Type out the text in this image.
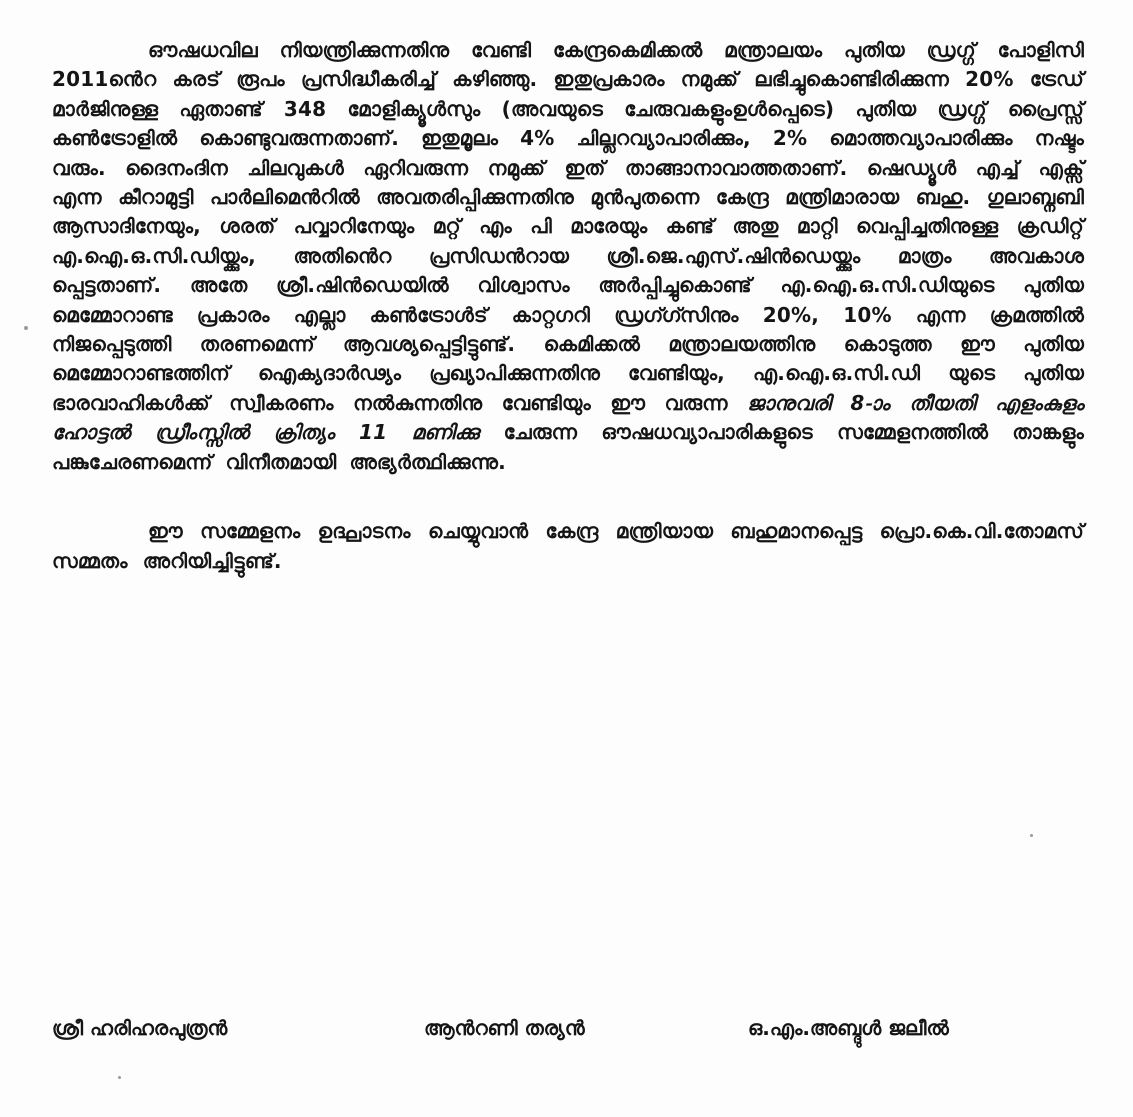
ഔഷധവില നിയന്ത്രിക്കുന്നതിനു വേണ്ടി കേന്ദ്രകെമിക്കൽ മന്ത്രാലയം പുതിയ ഡ്രഗ്ഗ് പോളിസി 2011ൻെറ കരട് രൂപം പ്രസിദ്ധീകരിച്ച് കഴിഞ്ഞു. ഇതുപ്രകാരം നമുക്ക് ലഭിച്ചുകൊണ്ടിരിക്കുന്ന 20% ട്രേഡ് മാർജിനുള്ള ഏതാണ്ട് 348 മോളിക്യൂൾസും (അവയുടെ ചേരുവകളുംഉൾപ്പെടെ) പുതിയ ഡ്രഗ്ഗ് പ്രൈസ്സ് കൺട്രോളിൽ കൊണ്ടുവരുന്നതാണ്. ഇതുമൂലം 4% ചില്ലറവ്യാപാരിക്കും, 2% മൊത്തവ്യാപാരിക്കും നഷ്ടം വരും. ദൈനംദിന ചിലവുകൾ ഏറിവരുന്ന നമുക്ക് ഇത് താങ്ങാനാവാത്തതാണ്. ഷെഡ്യൂൾ എച്ച് എക്സ് എന്ന കീറാമുട്ടി പാർലിമെൻറിൽ അവതരിപ്പിക്കുന്നതിനു മുൻപുതന്നെ കേന്ദ്ര മന്ത്രിമാരായ ബഹു. ഗുലാബ്നബി ആസാദിനേയും, ശരത് പവ്വാറിനേയും മറ്റ് എം പി മാരേയും കണ്ട് അതു മാറ്റി വെപ്പിച്ചതിനുള്ള ക്രഡിറ്റ് എ.ഐ.ഒ.സി.ഡിയ്ക്കും, അതിൻെറ പ്രസിഡൻറായ ശ്രീ.ജെ.എസ്.ഷിൻഡെയ്ക്കും മാത്രം അവകാശ പ്പെട്ടതാണ്. അതേ ശ്രീ.ഷിൻഡെയിൽ വിശ്വാസം അർപ്പിച്ചുകൊണ്ട് എ.ഐ.ഒ.സി.ഡിയുടെ പുതിയ മെമ്മോറാണ്ട പ്രകാരം എല്ലാ കൺട്രോൾട് കാറ്റഗറി ഡ്രഗ്ഗ്സിനും 20%, 10% എന്ന ക്രമത്തിൽ നിജപ്പെടുത്തി തരണമെന്ന് ആവശ്യപ്പെട്ടിട്ടുണ്ട്. കെമിക്കൽ മന്ത്രാലയത്തിനു കൊടുത്ത ഈ പുതിയ മെമ്മോറാണ്ടത്തിന് ഐക്യദാർഢ്യം പ്രഖ്യാപിക്കുന്നതിനു വേണ്ടിയും, എ.ഐ.ഒ.സി.ഡി യുടെ പുതിയ ഭാരവാഹികൾക്ക് സ്വീകരണം നൽകുന്നതിനു വേണ്ടിയും ഈ വരുന്ന ജാനുവരി 8-ാം തീയതി എളംകുളം ഹോട്ടൽ ഡ്രീംസ്സിൽ ക്രിത്യം 11 മണിക്കു ചേരുന്ന ഔഷധവ്യാപാരികളുടെ സമ്മേളനത്തിൽ താങ്കളും പങ്കുചേരണമെന്ന് വിനീതമായി അഭ്യർത്ഥിക്കുന്നു.

ഈ സമ്മേളനം ഉദ്ഘാടനം ചെയ്യുവാൻ കേന്ദ്ര മന്ത്രിയായ ബഹുമാനപ്പെട്ട പ്രൊ.കെ.വി.തോമസ് സമ്മതം അറിയിച്ചിട്ടുണ്ട്.

ശ്രീ ഹരിഹരപുത്രൻ	ആൻറണി തര്യൻ	ഒ.എം.അബ്ദുൾ ജലീൽ
